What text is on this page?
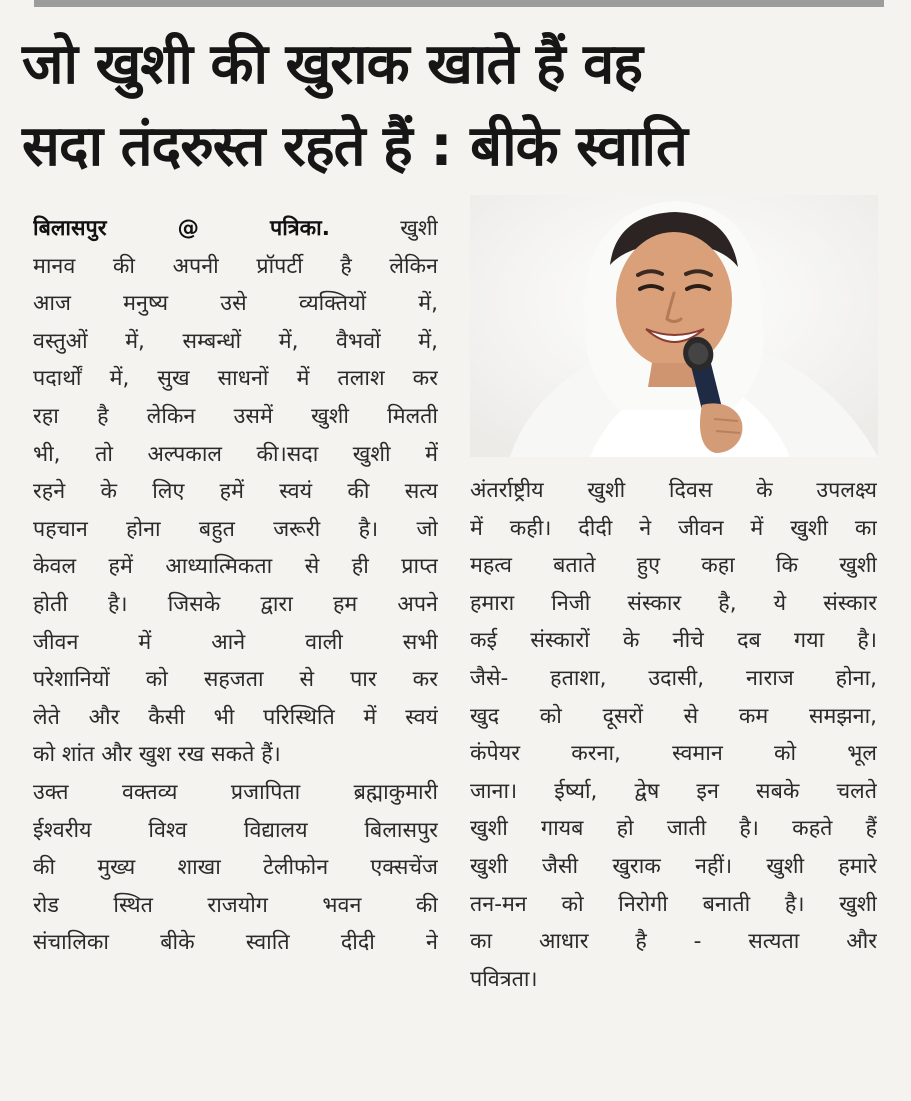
जो खुशी की खुराक खाते हैं वह
सदा तंदरुस्त रहते हैं : बीके स्वाति
बिलासपुर @ पत्रिका.	खुशी
मानव की अपनी प्रॉपर्टी है लेकिन
आज मनुष्य उसे व्यक्तियों में,
वस्तुओं में, सम्बन्धों में, वैभवों में,
पदार्थों में, सुख साधनों में तलाश कर
रहा है लेकिन उसमें खुशी मिलती
भी, तो अल्पकाल की।सदा खुशी में
रहने के लिए हमें स्वयं की सत्य
पहचान होना बहुत जरूरी है। जो
केवल हमें आध्यात्मिकता से ही प्राप्त
होती है। जिसके द्वारा हम अपने
जीवन में आने वाली सभी
परेशानियों को सहजता से पार कर
लेते और कैसी भी परिस्थिति में स्वयं
को शांत और खुश रख सकते हैं।
उक्त वक्तव्य प्रजापिता ब्रह्माकुमारी
ईश्वरीय विश्व विद्यालय बिलासपुर
की मुख्य शाखा टेलीफोन एक्सचेंज
रोड स्थित राजयोग भवन की
संचालिका बीके स्वाति दीदी ने
अंतर्राष्ट्रीय खुशी दिवस के उपलक्ष्य
में कही। दीदी ने जीवन में खुशी का
महत्व बताते हुए कहा कि खुशी
हमारा निजी संस्कार है, ये संस्कार
कई संस्कारों के नीचे दब गया है।
जैसे- हताशा, उदासी, नाराज होना,
खुद को दूसरों से कम समझना,
कंपेयर करना, स्वमान को भूल
जाना। ईर्ष्या, द्वेष इन सबके चलते
खुशी गायब हो जाती है। कहते हैं
खुशी जैसी खुराक नहीं। खुशी हमारे
तन-मन को निरोगी बनाती है। खुशी
का आधार है - सत्यता और
पवित्रता।
